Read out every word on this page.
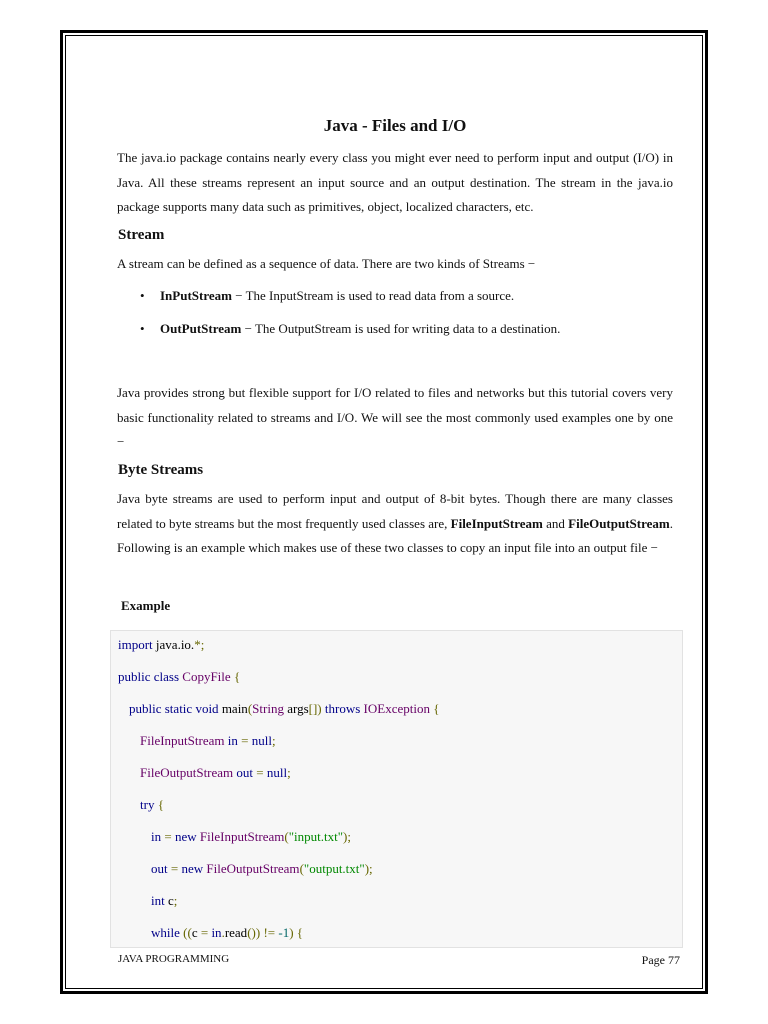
Java - Files and I/O

The java.io package contains nearly every class you might ever need to perform input and output (I/O) in Java. All these streams represent an input source and an output destination. The stream in the java.io package supports many data such as primitives, object, localized characters, etc.

Stream

A stream can be defined as a sequence of data. There are two kinds of Streams −

• InPutStream − The InputStream is used to read data from a source.
• OutPutStream − The OutputStream is used for writing data to a destination.

Java provides strong but flexible support for I/O related to files and networks but this tutorial covers very basic functionality related to streams and I/O. We will see the most commonly used examples one by one −

Byte Streams

Java byte streams are used to perform input and output of 8-bit bytes. Though there are many classes related to byte streams but the most frequently used classes are, FileInputStream and FileOutputStream. Following is an example which makes use of these two classes to copy an input file into an output file −

Example

import java.io.*;
public class CopyFile {
public static void main(String args[]) throws IOException {
FileInputStream in = null;
FileOutputStream out = null;
try {
in = new FileInputStream("input.txt");
out = new FileOutputStream("output.txt");
int c;
while ((c = in.read()) != -1) {
JAVA PROGRAMMING	Page 77
